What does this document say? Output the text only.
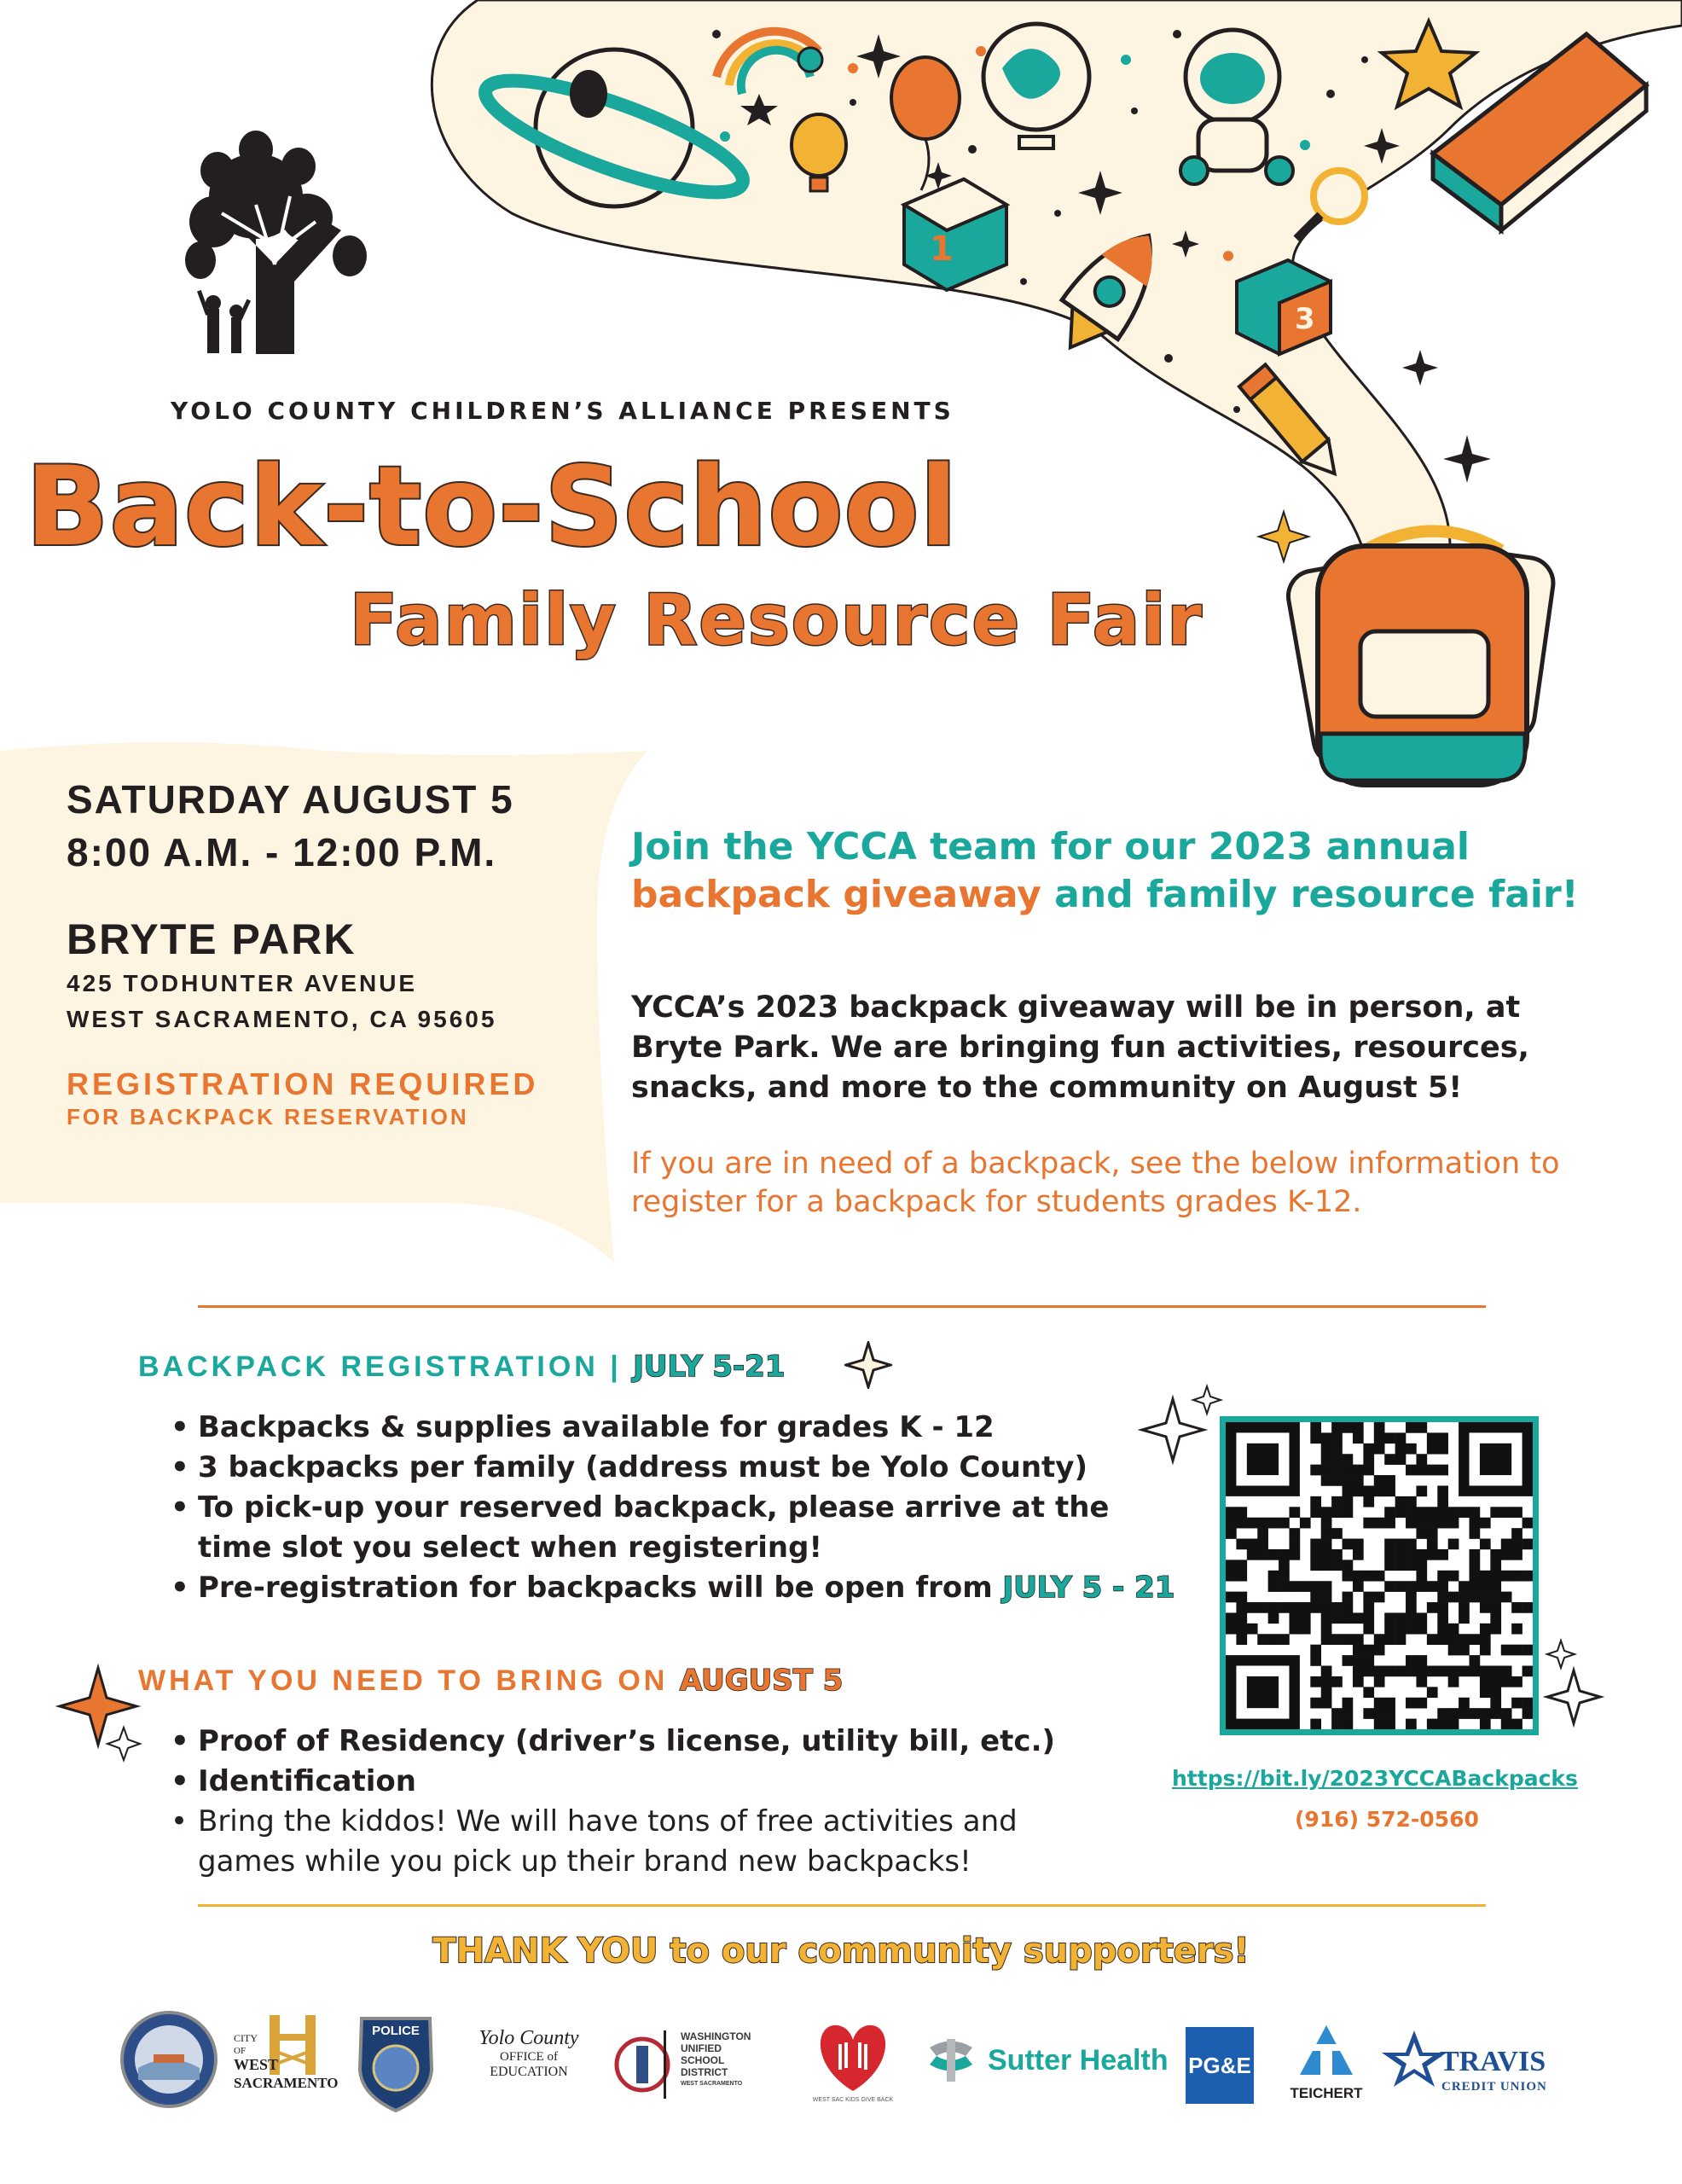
1
3
YOLO COUNTY CHILDREN’S ALLIANCE PRESENTS
Back-to-School
Family Resource Fair
SATURDAY AUGUST 5
8:00 A.M. - 12:00 P.M.
BRYTE PARK
425 TODHUNTER AVENUE
WEST SACRAMENTO, CA 95605
REGISTRATION REQUIRED
FOR BACKPACK RESERVATION
Join the YCCA team for our 2023 annual
backpack giveaway and family resource fair!
YCCA’s 2023 backpack giveaway will be in person, at Bryte Park. We are bringing fun activities, resources, snacks, and more to the community on August 5!
If you are in need of a backpack, see the below information to register for a backpack for students grades K-12.
BACKPACK REGISTRATION | JULY 5-21
• Backpacks & supplies available for grades K - 12
• 3 backpacks per family (address must be Yolo County)
• To pick-up your reserved backpack, please arrive at the time slot you select when registering!
• Pre-registration for backpacks will be open from JULY 5 - 21
https://bit.ly/2023YCCABackpacks
(916) 572-0560
WHAT YOU NEED TO BRING ON AUGUST 5
• Proof of Residency (driver’s license, utility bill, etc.)
• Identification
• Bring the kiddos! We will have tons of free activities and games while you pick up their brand new backpacks!
THANK YOU to our community supporters!
CITY
OF
WEST
SACRAMENTO
POLICE	Yolo County
OFFICE of
EDUCATION
WASHINGTON
UNIFIED
SCHOOL
DISTRICT
WEST SACRAMENTO
WEST SAC KIDS GIVE BACK
Sutter Health PG&E
TEICHERT
TRAVIS
CREDIT UNION
